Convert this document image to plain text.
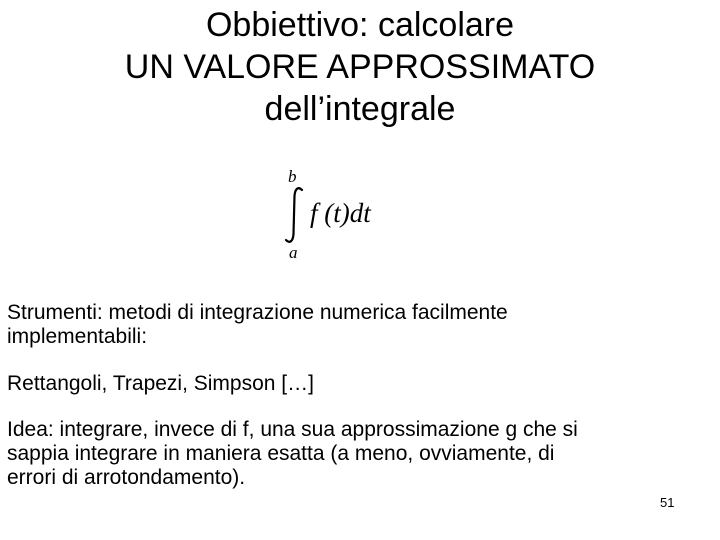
Obbiettivo: calcolare
UN VALORE APPROSSIMATO
dell’integrale
b
a
f (t)dt
Strumenti: metodi di integrazione numerica facilmente
implementabili:
Rettangoli, Trapezi, Simpson […]
Idea: integrare, invece di f, una sua approssimazione g che si
sappia integrare in maniera esatta (a meno, ovviamente, di
errori di arrotondamento).
51
